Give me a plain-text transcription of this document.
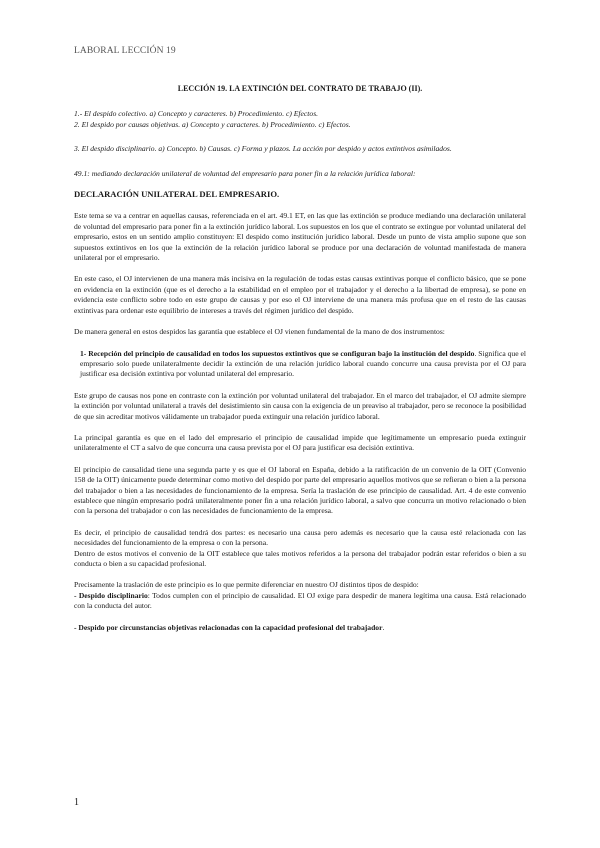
LABORAL LECCIÓN 19
LECCIÓN 19. LA EXTINCIÓN DEL CONTRATO DE TRABAJO (II).
1.- El despido colectivo. a) Concepto y caracteres. b) Procedimiento. c) Efectos.
2. El despido por causas objetivas. a) Concepto y caracteres. b) Procedimiento. c) Efectos.
3. El despido disciplinario. a) Concepto. b) Causas. c) Forma y plazos. La acción por despido y actos extintivos asimilados.
49.1: mediando declaración unilateral de voluntad del empresario para poner fin a la relación jurídica laboral:
DECLARACIÓN UNILATERAL DEL EMPRESARIO.

Este tema se va a centrar en aquellas causas, referenciada en el art. 49.1 ET, en las que las extinción se produce mediando una declaración unilateral de voluntad del empresario para poner fin a la extinción jurídico laboral. Los supuestos en los que el contrato se extingue por voluntad unilateral del empresario, estos en un sentido amplio constituyen: El despido como institución jurídico laboral. Desde un punto de vista amplio supone que son supuestos extintivos en los que la extinción de la relación jurídico laboral se produce por una declaración de voluntad manifestada de manera unilateral por el empresario.

En este caso, el OJ intervienen de una manera más incisiva en la regulación de todas estas causas extintivas porque el conflicto básico, que se pone en evidencia en la extinción (que es el derecho a la estabilidad en el empleo por el trabajador y el derecho a la libertad de empresa), se pone en evidencia este conflicto sobre todo en este grupo de causas y por eso el OJ interviene de una manera más profusa que en el resto de las causas extintivas para ordenar este equilibrio de intereses a través del régimen jurídico del despido.

De manera general en estos despidos las garantía que establece el OJ vienen fundamental de la mano de dos instrumentos:

1- Recepción del principio de causalidad en todos los supuestos extintivos que se configuran bajo la institución del despido. Significa que el empresario solo puede unilateralmente decidir la extinción de una relación jurídico laboral cuando concurre una causa prevista por el OJ para justificar esa decisión extintiva por voluntad unilateral del empresario.

Este grupo de causas nos pone en contraste con la extinción por voluntad unilateral del trabajador. En el marco del trabajador, el OJ admite siempre la extinción por voluntad unilateral a través del desistimiento sin causa con la exigencia de un preaviso al trabajador, pero se reconoce la posibilidad de que sin acreditar motivos válidamente un trabajador pueda extinguir una relación jurídico laboral.

La principal garantía es que en el lado del empresario el principio de causalidad impide que legítimamente un empresario pueda extinguir unilateralmente el CT a salvo de que concurra una causa prevista por el OJ para justificar esa decisión extintiva.

El principio de causalidad tiene una segunda parte y es que el OJ laboral en España, debido a la ratificación de un convenio de la OIT (Convenio 158 de la OIT) únicamente puede determinar como motivo del despido por parte del empresario aquellos motivos que se refieran o bien a la persona del trabajador o bien a las necesidades de funcionamiento de la empresa. Sería la traslación de ese principio de causalidad. Art. 4 de este convenio establece que ningún empresario podrá unilateralmente poner fin a una relación jurídico laboral, a salvo que concurra un motivo relacionado o bien con la persona del trabajador o con las necesidades de funcionamiento de la empresa.

Es decir, el principio de causalidad tendrá dos partes: es necesario una causa pero además es necesario que la causa esté relacionada con las necesidades del funcionamiento de la empresa o con la persona.

Dentro de estos motivos el convenio de la OIT establece que tales motivos referidos a la persona del trabajador podrán estar referidos o bien a su conducta o bien a su capacidad profesional.

Precisamente la traslación de este principio es lo que permite diferenciar en nuestro OJ distintos tipos de despido:

- Despido disciplinario: Todos cumplen con el principio de causalidad. El OJ exige para despedir de manera legítima una causa. Está relacionado con la conducta del autor.

- Despido por circunstancias objetivas relacionadas con la capacidad profesional del trabajador.

1
